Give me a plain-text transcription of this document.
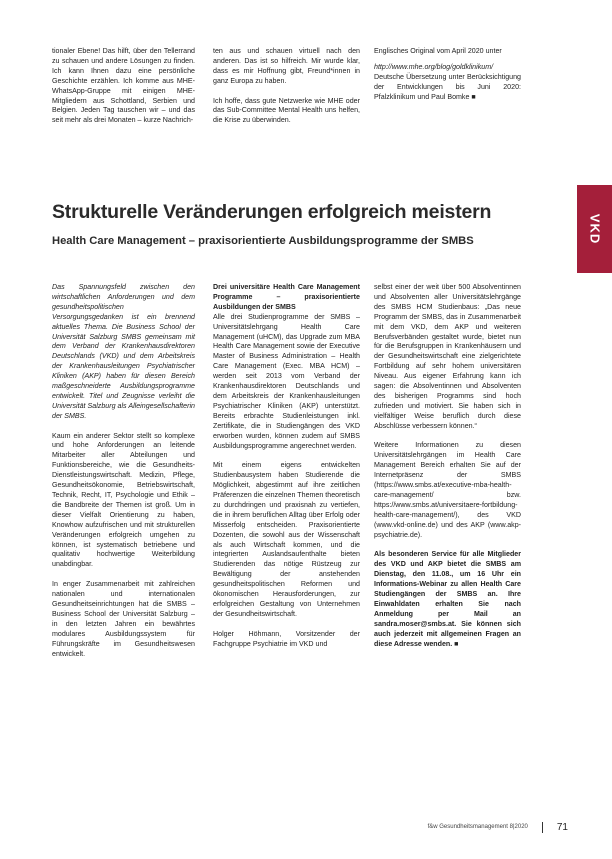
tionaler Ebene! Das hilft, über den Tellerrand zu schauen und andere Lösungen zu finden. Ich kann Ihnen dazu eine persönliche Geschichte erzählen. Ich komme aus MHE-WhatsApp-Gruppe mit einigen MHE-Mitgliedern aus Schottland, Serbien und Belgien. Jeden Tag tauschen wir – und das seit mehr als drei Monaten – kurze Nachrich-

ten aus und schauen virtuell nach den anderen. Das ist so hilfreich. Mir wurde klar, dass es mir Hoffnung gibt, Freund*innen in ganz Europa zu haben.

Ich hoffe, dass gute Netzwerke wie MHE oder das Sub-Committee Mental Health uns helfen, die Krise zu überwinden.

Englisches Original vom April 2020 unter

http://www.mhe.org/blog/goldklinikum/

Deutsche Übersetzung unter Berücksichtigung der Entwicklungen bis Juni 2020: Pfalzklinikum und Paul Bomke ■

VKD
Strukturelle Veränderungen erfolgreich meistern
Health Care Management – praxisorientierte Ausbildungsprogramme der SMBS

Das Spannungsfeld zwischen den wirtschaftlichen Anforderungen und dem gesundheitspolitischen Versorgungsgedanken ist ein brennend aktuelles Thema. Die Business School der Universität Salzburg SMBS gemeinsam mit dem Verband der Krankenhausdirektoren Deutschlands (VKD) und dem Arbeitskreis der Krankenhausleitungen Psychiatrischer Kliniken (AKP) haben für diesen Bereich maßgeschneiderte Ausbildungsprogramme entwickelt. Titel und Zeugnisse verleiht die Universität Salzburg als Alleingesellschafterin der SMBS.

Kaum ein anderer Sektor stellt so komplexe und hohe Anforderungen an leitende Mitarbeiter aller Abteilungen und Funktionsbereiche, wie die Gesundheits-Dienstleistungswirtschaft. Medizin, Pflege, Gesundheitsökonomie, Betriebswirtschaft, Technik, Recht, IT, Psychologie und Ethik – die Bandbreite der Themen ist groß. Um in dieser Vielfalt Orientierung zu haben, Knowhow aufzufrischen und mit strukturellen Veränderungen erfolgreich umgehen zu können, ist systematisch betriebene und qualitativ hochwertige Weiterbildung unabdingbar.

In enger Zusammenarbeit mit zahlreichen nationalen und internationalen Gesundheitseinrichtungen hat die SMBS – Business School der Universität Salzburg – in den letzten Jahren ein bewährtes modulares Ausbildungssystem für Führungskräfte im Gesundheitswesen entwickelt.

Drei universitäre Health Care Management Programme – praxisorientierte Ausbildungen der SMBS

Alle drei Studienprogramme der SMBS – Universitätslehrgang Health Care Management (uHCM), das Upgrade zum MBA Health Care Management sowie der Executive Master of Business Administration – Health Care Management (Exec. MBA HCM) – werden seit 2013 vom Verband der Krankenhausdirektoren Deutschlands und dem Arbeitskreis der Krankenhausleitungen Psychiatrischer Kliniken (AKP) unterstützt. Bereits erbrachte Studienleistungen inkl. Zertifikate, die in Studiengängen des VKD erworben wurden, können zudem auf SMBS Ausbildungsprogramme angerechnet werden.

Mit einem eigens entwickelten Studienbausystem haben Studierende die Möglichkeit, abgestimmt auf ihre zeitlichen Präferenzen die einzelnen Themen theoretisch zu durchdringen und praxisnah zu vertiefen, die in ihrem beruflichen Alltag über Erfolg oder Misserfolg entscheiden. Praxisorientierte Dozenten, die sowohl aus der Wissenschaft als auch Wirtschaft kommen, und die integrierten Auslandsaufenthalte bieten Studierenden das nötige Rüstzeug zur Bewältigung der anstehenden gesundheitspolitischen Reformen und ökonomischen Herausforderungen, zur erfolgreichen Gestaltung von Unternehmen der Gesundheitswirtschaft.

Holger Höhmann, Vorsitzender der Fachgruppe Psychiatrie im VKD und

selbst einer der weit über 500 Absolventinnen und Absolventen aller Universitätslehrgänge des SMBS HCM Studienbaus: „Das neue Programm der SMBS, das in Zusammenarbeit mit dem VKD, dem AKP und weiteren Berufsverbänden gestaltet wurde, bietet nun für die Berufsgruppen in Krankenhäusern und der Gesundheitswirtschaft eine zielgerichtete Fortbildung auf sehr hohem universitären Niveau. Aus eigener Erfahrung kann ich sagen: die Absolventinnen und Absolventen des bisherigen Programms sind hoch zufrieden und motiviert. Sie haben sich in vielfältiger Weise beruflich durch diese Abschlüsse verbessern können.“

Weitere Informationen zu diesen Universitätslehrgängen im Health Care Management Bereich erhalten Sie auf der Internetpräsenz der SMBS (https://www.smbs.at/executive-mba-health-care-management/ bzw. https://www.smbs.at/universitaere-fortbildung-health-care-management/), des VKD (www.vkd-online.de) und des AKP (www.akp-psychiatrie.de).

Als besonderen Service für alle Mitglieder des VKD und AKP bietet die SMBS am Dienstag, den 11.08., um 16 Uhr ein Informations-Webinar zu allen Health Care Studiengängen der SMBS an. Ihre Einwahldaten erhalten Sie nach Anmeldung per Mail an sandra.moser@smbs.at. Sie können sich auch jederzeit mit allgemeinen Fragen an diese Adresse wenden. ■

f&w Gesundheitsmanagement 8|2020	71
